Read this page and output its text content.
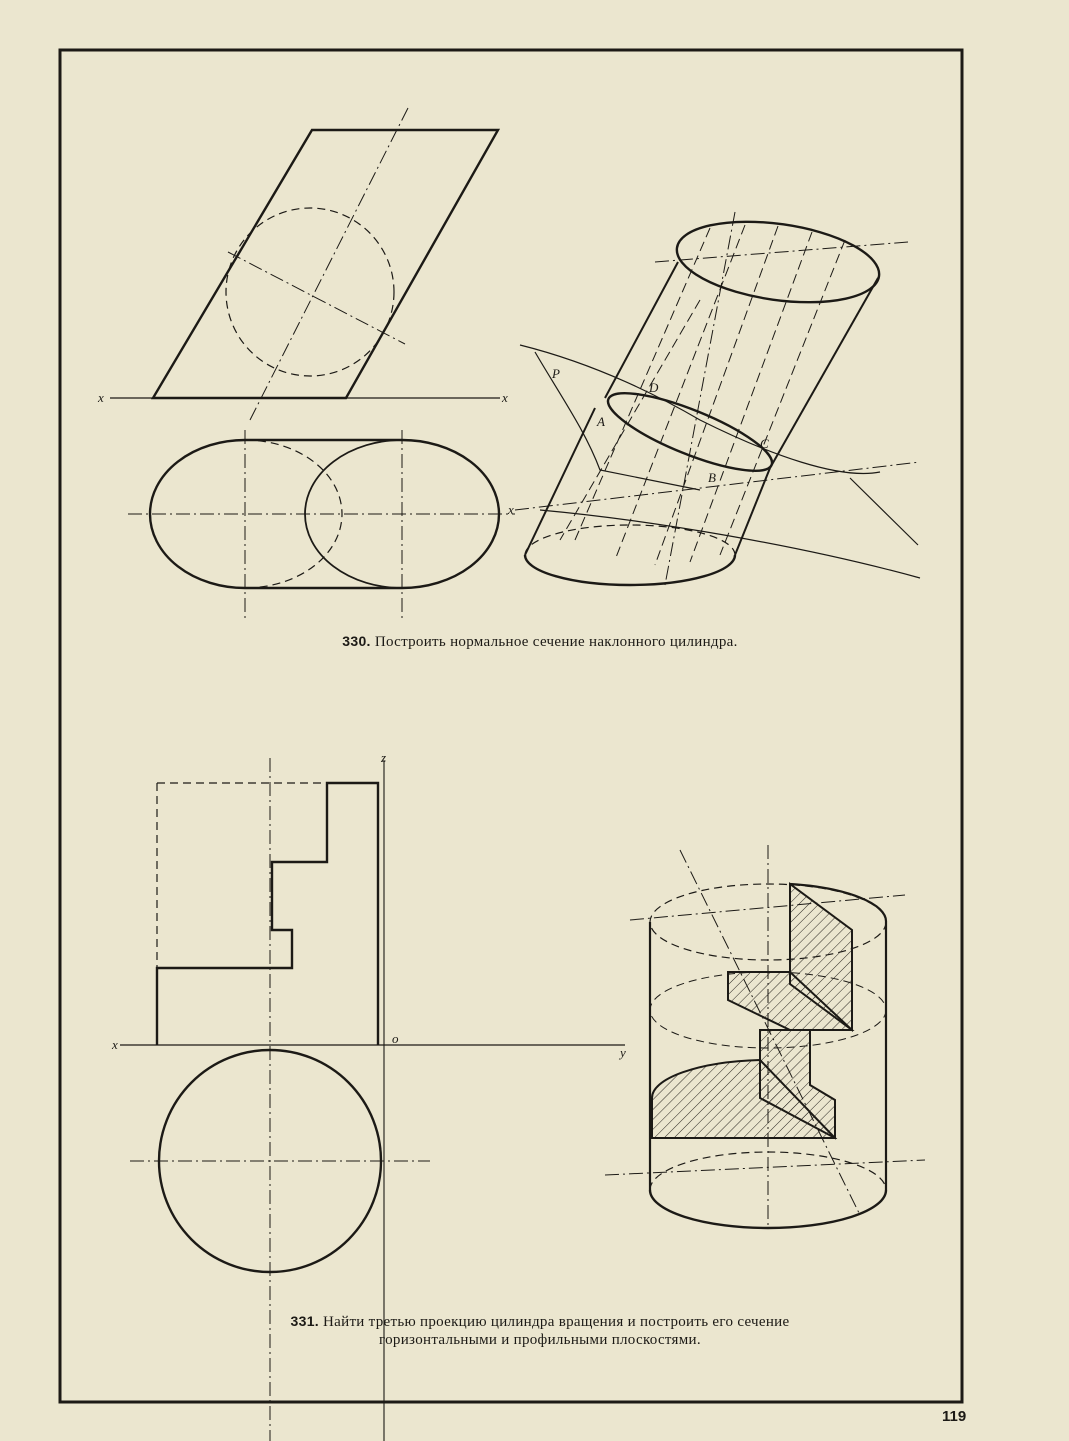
x	x
x
P
D
A
C
B
z
x	o
y
330. Построить нормальное сечение наклонного цилиндра.
331. Найти третью проекцию цилиндра вращения и построить его сечение
горизонтальными и профильными плоскостями.
119
